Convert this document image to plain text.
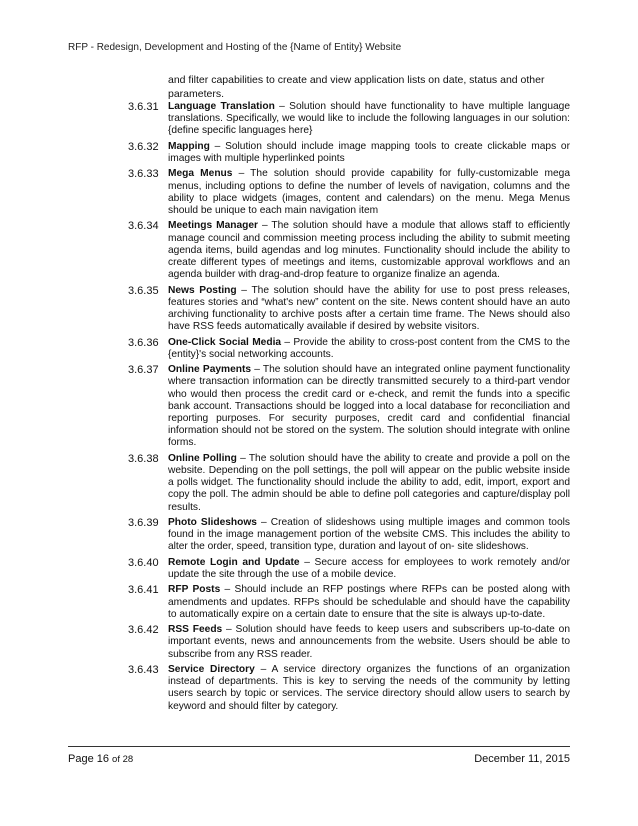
RFP - Redesign, Development and Hosting of the {Name of Entity} Website
and filter capabilities to create and view application lists on date, status and other parameters.
3.6.31 Language Translation – Solution should have functionality to have multiple language translations. Specifically, we would like to include the following languages in our solution: {define specific languages here}
3.6.32 Mapping – Solution should include image mapping tools to create clickable maps or images with multiple hyperlinked points
3.6.33 Mega Menus – The solution should provide capability for fully-customizable mega menus, including options to define the number of levels of navigation, columns and the ability to place widgets (images, content and calendars) on the menu. Mega Menus should be unique to each main navigation item
3.6.34 Meetings Manager – The solution should have a module that allows staff to efficiently manage council and commission meeting process including the ability to submit meeting agenda items, build agendas and log minutes. Functionality should include the ability to create different types of meetings and items, customizable approval workflows and an agenda builder with drag-and-drop feature to organize finalize an agenda.
3.6.35 News Posting – The solution should have the ability for use to post press releases, features stories and “what's new” content on the site. News content should have an auto archiving functionality to archive posts after a certain time frame. The News should also have RSS feeds automatically available if desired by website visitors.
3.6.36 One-Click Social Media – Provide the ability to cross-post content from the CMS to the {entity}'s social networking accounts.
3.6.37 Online Payments – The solution should have an integrated online payment functionality where transaction information can be directly transmitted securely to a third-part vendor who would then process the credit card or e-check, and remit the funds into a specific bank account. Transactions should be logged into a local database for reconciliation and reporting purposes. For security purposes, credit card and confidential financial information should not be stored on the system. The solution should integrate with online forms.
3.6.38 Online Polling – The solution should have the ability to create and provide a poll on the website. Depending on the poll settings, the poll will appear on the public website inside a polls widget. The functionality should include the ability to add, edit, import, export and copy the poll. The admin should be able to define poll categories and capture/display poll results.
3.6.39 Photo Slideshows – Creation of slideshows using multiple images and common tools found in the image management portion of the website CMS. This includes the ability to alter the order, speed, transition type, duration and layout of on- site slideshows.
3.6.40 Remote Login and Update – Secure access for employees to work remotely and/or update the site through the use of a mobile device.
3.6.41 RFP Posts – Should include an RFP postings where RFPs can be posted along with amendments and updates. RFPs should be schedulable and should have the capability to automatically expire on a certain date to ensure that the site is always up-to-date.
3.6.42 RSS Feeds – Solution should have feeds to keep users and subscribers up-to-date on important events, news and announcements from the website. Users should be able to subscribe from any RSS reader.
3.6.43 Service Directory – A service directory organizes the functions of an organization instead of departments. This is key to serving the needs of the community by letting users search by topic or services. The service directory should allow users to search by keyword and should filter by category.
Page 16 of 28	December 11, 2015
